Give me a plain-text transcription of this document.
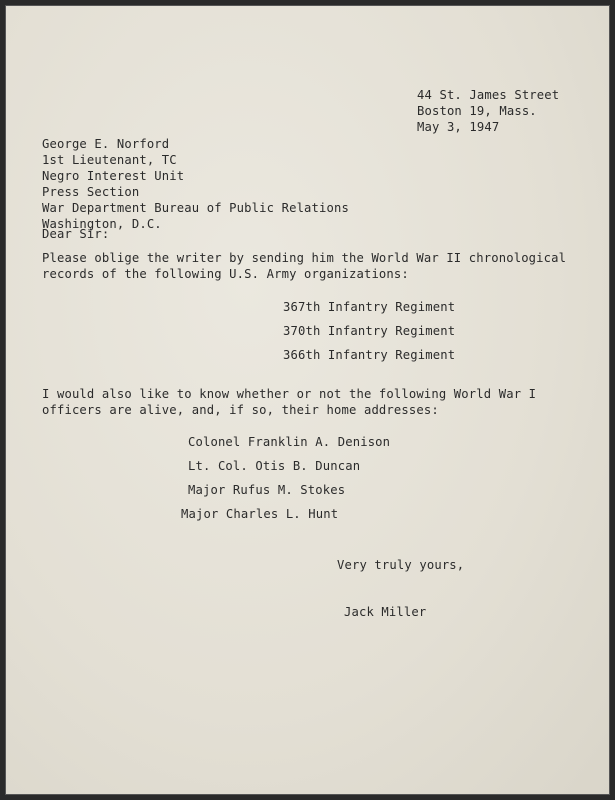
44 St. James Street
Boston 19, Mass.
May 3, 1947
George E. Norford
1st Lieutenant, TC
Negro Interest Unit
Press Section
War Department Bureau of Public Relations
Washington, D.C.
Dear Sir:
Please oblige the writer by sending him the World War II chronological
records of the following U.S. Army organizations:
367th Infantry Regiment
370th Infantry Regiment
366th Infantry Regiment
I would also like to know whether or not the following World War I
officers are alive, and, if so, their home addresses:
Colonel Franklin A. Denison
Lt. Col. Otis B. Duncan
Major Rufus M. Stokes
Major Charles L. Hunt
Very truly yours,
Jack Miller
